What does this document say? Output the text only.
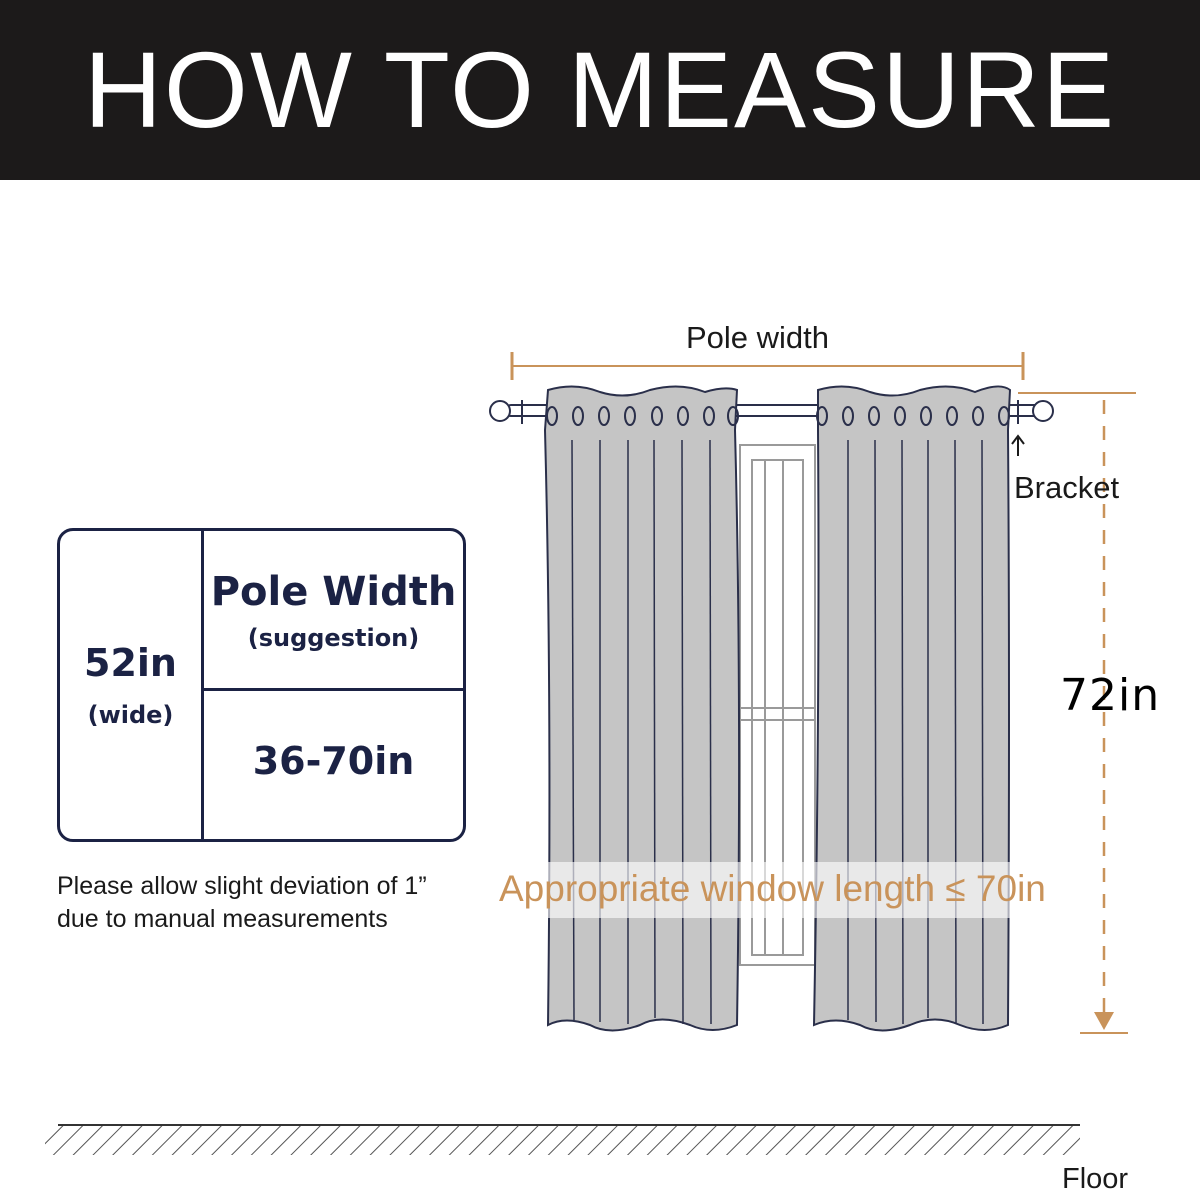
HOW TO MEASURE
Pole width
Bracket
72in
Floor
Appropriate window length ≤ 70in
52in
(wide)
Pole Width
(suggestion)
36-70in
Please allow slight deviation of 1”
due to manual measurements
